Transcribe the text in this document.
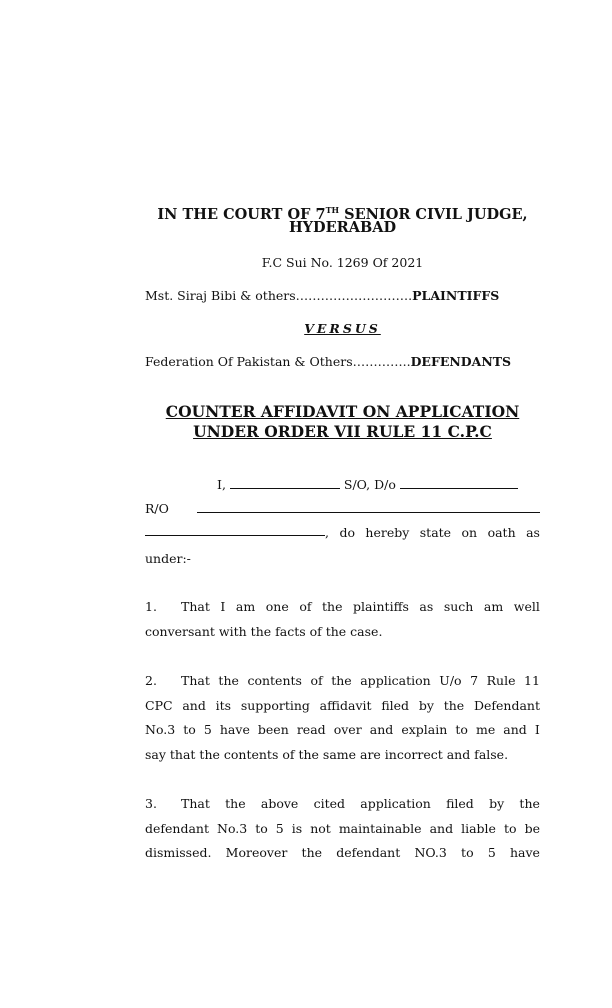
IN THE COURT OF 7TH SENIOR CIVIL JUDGE,
HYDERABAD
F.C Sui No. 1269 Of 2021
Mst. Siraj Bibi & others……………………….PLAINTIFFS
VERSUS
Federation Of Pakistan & Others…………..DEFENDANTS
COUNTER AFFIDAVIT ON APPLICATION
UNDER ORDER VII RULE 11 C.P.C
I,	S/O, D/o
R/O
, do hereby state on oath as
under:-
1.	That I am one of the plaintiffs as such am well
conversant with the facts of the case.
2.	That the contents of the application U/o 7 Rule 11
CPC and its supporting affidavit filed by the Defendant
No.3 to 5 have been read over and explain to me and I
say that the contents of the same are incorrect and false.
3.	That the above cited application filed by the
defendant No.3 to 5 is not maintainable and liable to be
dismissed. Moreover the defendant NO.3 to 5 have
